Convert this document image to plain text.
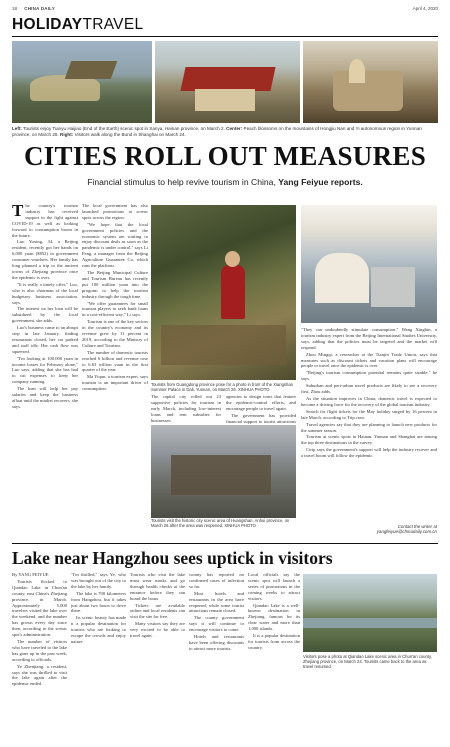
18 CHINA DAILY	April 4, 2020
HOLIDAYTRAVEL
Left: Tourists enjoy Tianyu Haijiao (End of the Earth) scenic spot in Sanya, Hainan province, on March 2. Center: Peach blossoms on the mountains of Hongjiu Nan and Yi autonomous region in Yunnan province, on March 25. Right: Visitors walk along the Bund in Shanghai on March 24.
CITIES ROLL OUT MEASURES
Financial stimulus to help revive tourism in China, Yang Feiyue reports.

The country's tourism industry has received support in the fight against COVID-19 as well as looking forward to consumption boom in the future.

Luo Yuxing, 34, a Beijing resident, recently got her hands on 6,000 yuan ($852) in government consumer vouchers. Her family has long planned a trip to the ancient towns of Zhejiang province once the epidemic is over.

"It is really a timely offer," Luo, who is also chairman of the local budgetary business association, says.

The interest on her loan will be subsidized by the local government, she adds.

Luo's business came to an abrupt stop in late January, finding restaurants closed, her car parked and staff idle. Her cash flow was squeezed.

"I'm looking at 100,000 yuan in income losses for February alone," Luo says, adding that she has had to cut expenses to keep her company running.

The loan will help her pay salaries and keep the business afloat until the market recovers, she says.

The local government has also launched promotions at scenic spots across the region.

"We hope that the local government policies and the economic system are waiting to enjoy discount deals as soon as the pandemic is under control," says Li Feng, a manager from the Beijing Agriculture Guarantee Co, which runs the platform.

The Beijing Municipal Culture and Tourism Bureau has recently put 100 million yuan into the program to help the tourism industry through the tough time.

"We offer guarantees for small tourism players to seek bank loans in a cost-efficient way," Li says.

Tourism is one of the key sectors in the country's economy and its revenue grew by 11 percent in 2019, according to the Ministry of Culture and Tourism.

The number of domestic tourists reached 6 billion and revenue rose to 6.63 trillion yuan in the first quarter of the year.

Ma Yiqun, a tourism expert, says tourism is an important driver of consumption.

Tourists from Guangdong province pose for a photo in front of the Xiangshan Summer Palace in Dali, Yunnan, on March 26. XINHUA PHOTO

The capital city rolled out 23 supportive policies for tourism in early March, including low-interest loans and rent subsidies for businesses.

agencies to design tours that feature the epidemic-control efforts, and encourage people to travel again.

The government has provided financial support to tourist attractions

Tourists visit the historic city scenic area of Huangshan, Anhui province, on March 26 after the area was reopened. XINHUA PHOTO

"They can undoubtedly stimulate consumption," Wang Xingbin, a tourism industry expert from the Beijing International Studies University, says, adding that the policies must be targeted and the market will respond.

Zhou Mingqi, a researcher at the Tianjin Trade Union, says that measures such as discount tickets and vacation plans will encourage people to travel once the epidemic is over.

"Beijing's tourism consumption potential remains quite sizable," he says.

Suburban and peri-urban travel products are likely to see a recovery first, Zhou adds.

As the situation improves in China, domestic travel is expected to become a driving force for the recovery of the global tourism industry.

Search for flight tickets for the May holiday surged by 16 percent in late March, according to Trip.com.

Travel agencies say that they are planning to launch new products for the summer season.

Tourism at scenic spots in Hainan, Yunnan and Shanghai are among the top three destinations in the survey.

Ctrip says the government's support will help the industry recover and a travel boom will follow the epidemic.

Contact the writer at
yangfeiyue@chinadaily.com.cn
Lake near Hangzhou sees uptick in visitors

By YANG FEIYUE

Tourists flocked to Qiandao Lake in Chun'an county, east China's Zhejiang province, in March. Approximately 5,000 travelers visited the lake over the weekend, and the number has grown every day since then, according to the scenic spot's administration.

The number of visitors who have traveled to the lake has gone up in the past week, according to officials.

Ye Zhenjiang, a resident, says she was thrilled to visit the lake again after the epidemic ended.

"I'm thrilled," says Ye, who was brought out of the city to the lake by her family.

The lake is 700 kilometers from Hangzhou, but it takes just about two hours to drive there.

Its scenic beauty has made it a popular destination for tourists who are looking to escape the crowds and enjoy nature.

Tourists who visit the lake must wear masks and go through health checks at the entrance before they can board the boats.

Tickets are available online and local residents can visit the site for free.

Many visitors say they are very excited to be able to travel again.

county has reported no confirmed cases of infection so far.

Most hotels and restaurants in the area have reopened, while some tourist attractions remain closed.

The county government says it will continue to encourage visitors to come.

Hotels and restaurants have been offering discounts to attract more tourists.

Local officials say the scenic spot will launch a series of promotions in the coming weeks to attract visitors.

Qiandao Lake is a well-known destination in Zhejiang, famous for its clear water and more than 1,000 islands.

It is a popular destination for tourists from across the country.

Visitors pose a photo at Qiandao Lake scenic area in Chun'an county, Zhejiang province, on March 24. Tourists came back to the area as travel resumed.
